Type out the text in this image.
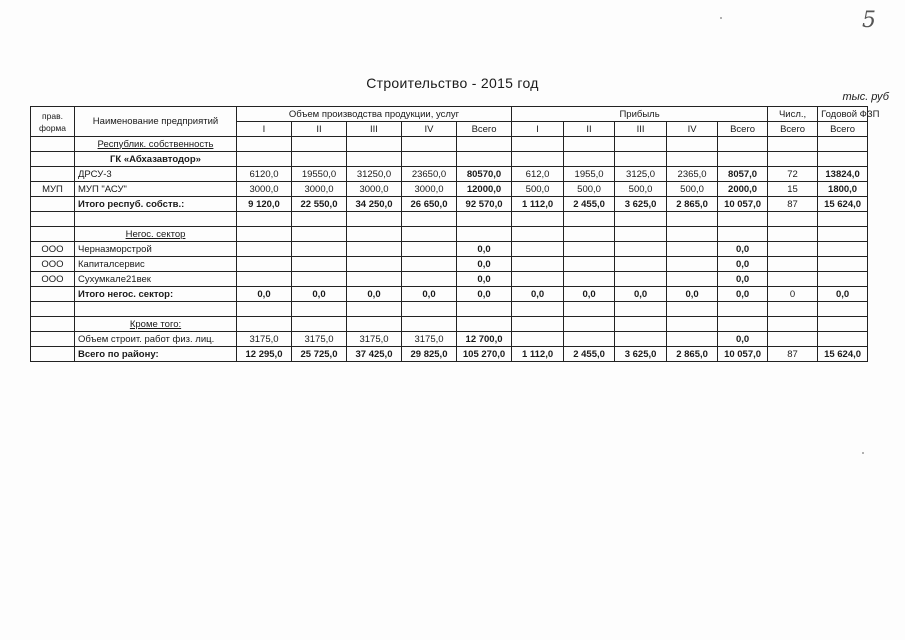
5
Строительство - 2015 год
тыс. руб
прав. форма	Наименование предприятий	Объем производства продукции, услуг					Прибыль					Числ.,	Годовой ФЗП
		I	II	III	IV	Всего	I	II	III	IV	Всего	Всего	Всего
	Республик. собственность												
	ГК «Абхазавтодор»												
	ДРСУ-3	6120,0	19550,0	31250,0	23650,0	80570,0	612,0	1955,0	3125,0	2365,0	8057,0	72	13824,0
МУП	МУП "АСУ"	3000,0	3000,0	3000,0	3000,0	12000,0	500,0	500,0	500,0	500,0	2000,0	15	1800,0
	Итого респуб. собств.:	9 120,0	22 550,0	34 250,0	26 650,0	92 570,0	1 112,0	2 455,0	3 625,0	2 865,0	10 057,0	87	15 624,0

	Негос. сектор												
ООО	Черназморстрой					0,0					0,0		
ООО	Капиталсервис					0,0					0,0		
ООО	Сухумкале21век					0,0					0,0		
	Итого негос. сектор:	0,0	0,0	0,0	0,0	0,0	0,0	0,0	0,0	0,0	0,0	0	0,0

	Кроме того:												
	Объем строит. работ физ. лиц.	3175,0	3175,0	3175,0	3175,0	12 700,0					0,0		
	Всего по району:	12 295,0	25 725,0	37 425,0	29 825,0	105 270,0	1 112,0	2 455,0	3 625,0	2 865,0	10 057,0	87	15 624,0
